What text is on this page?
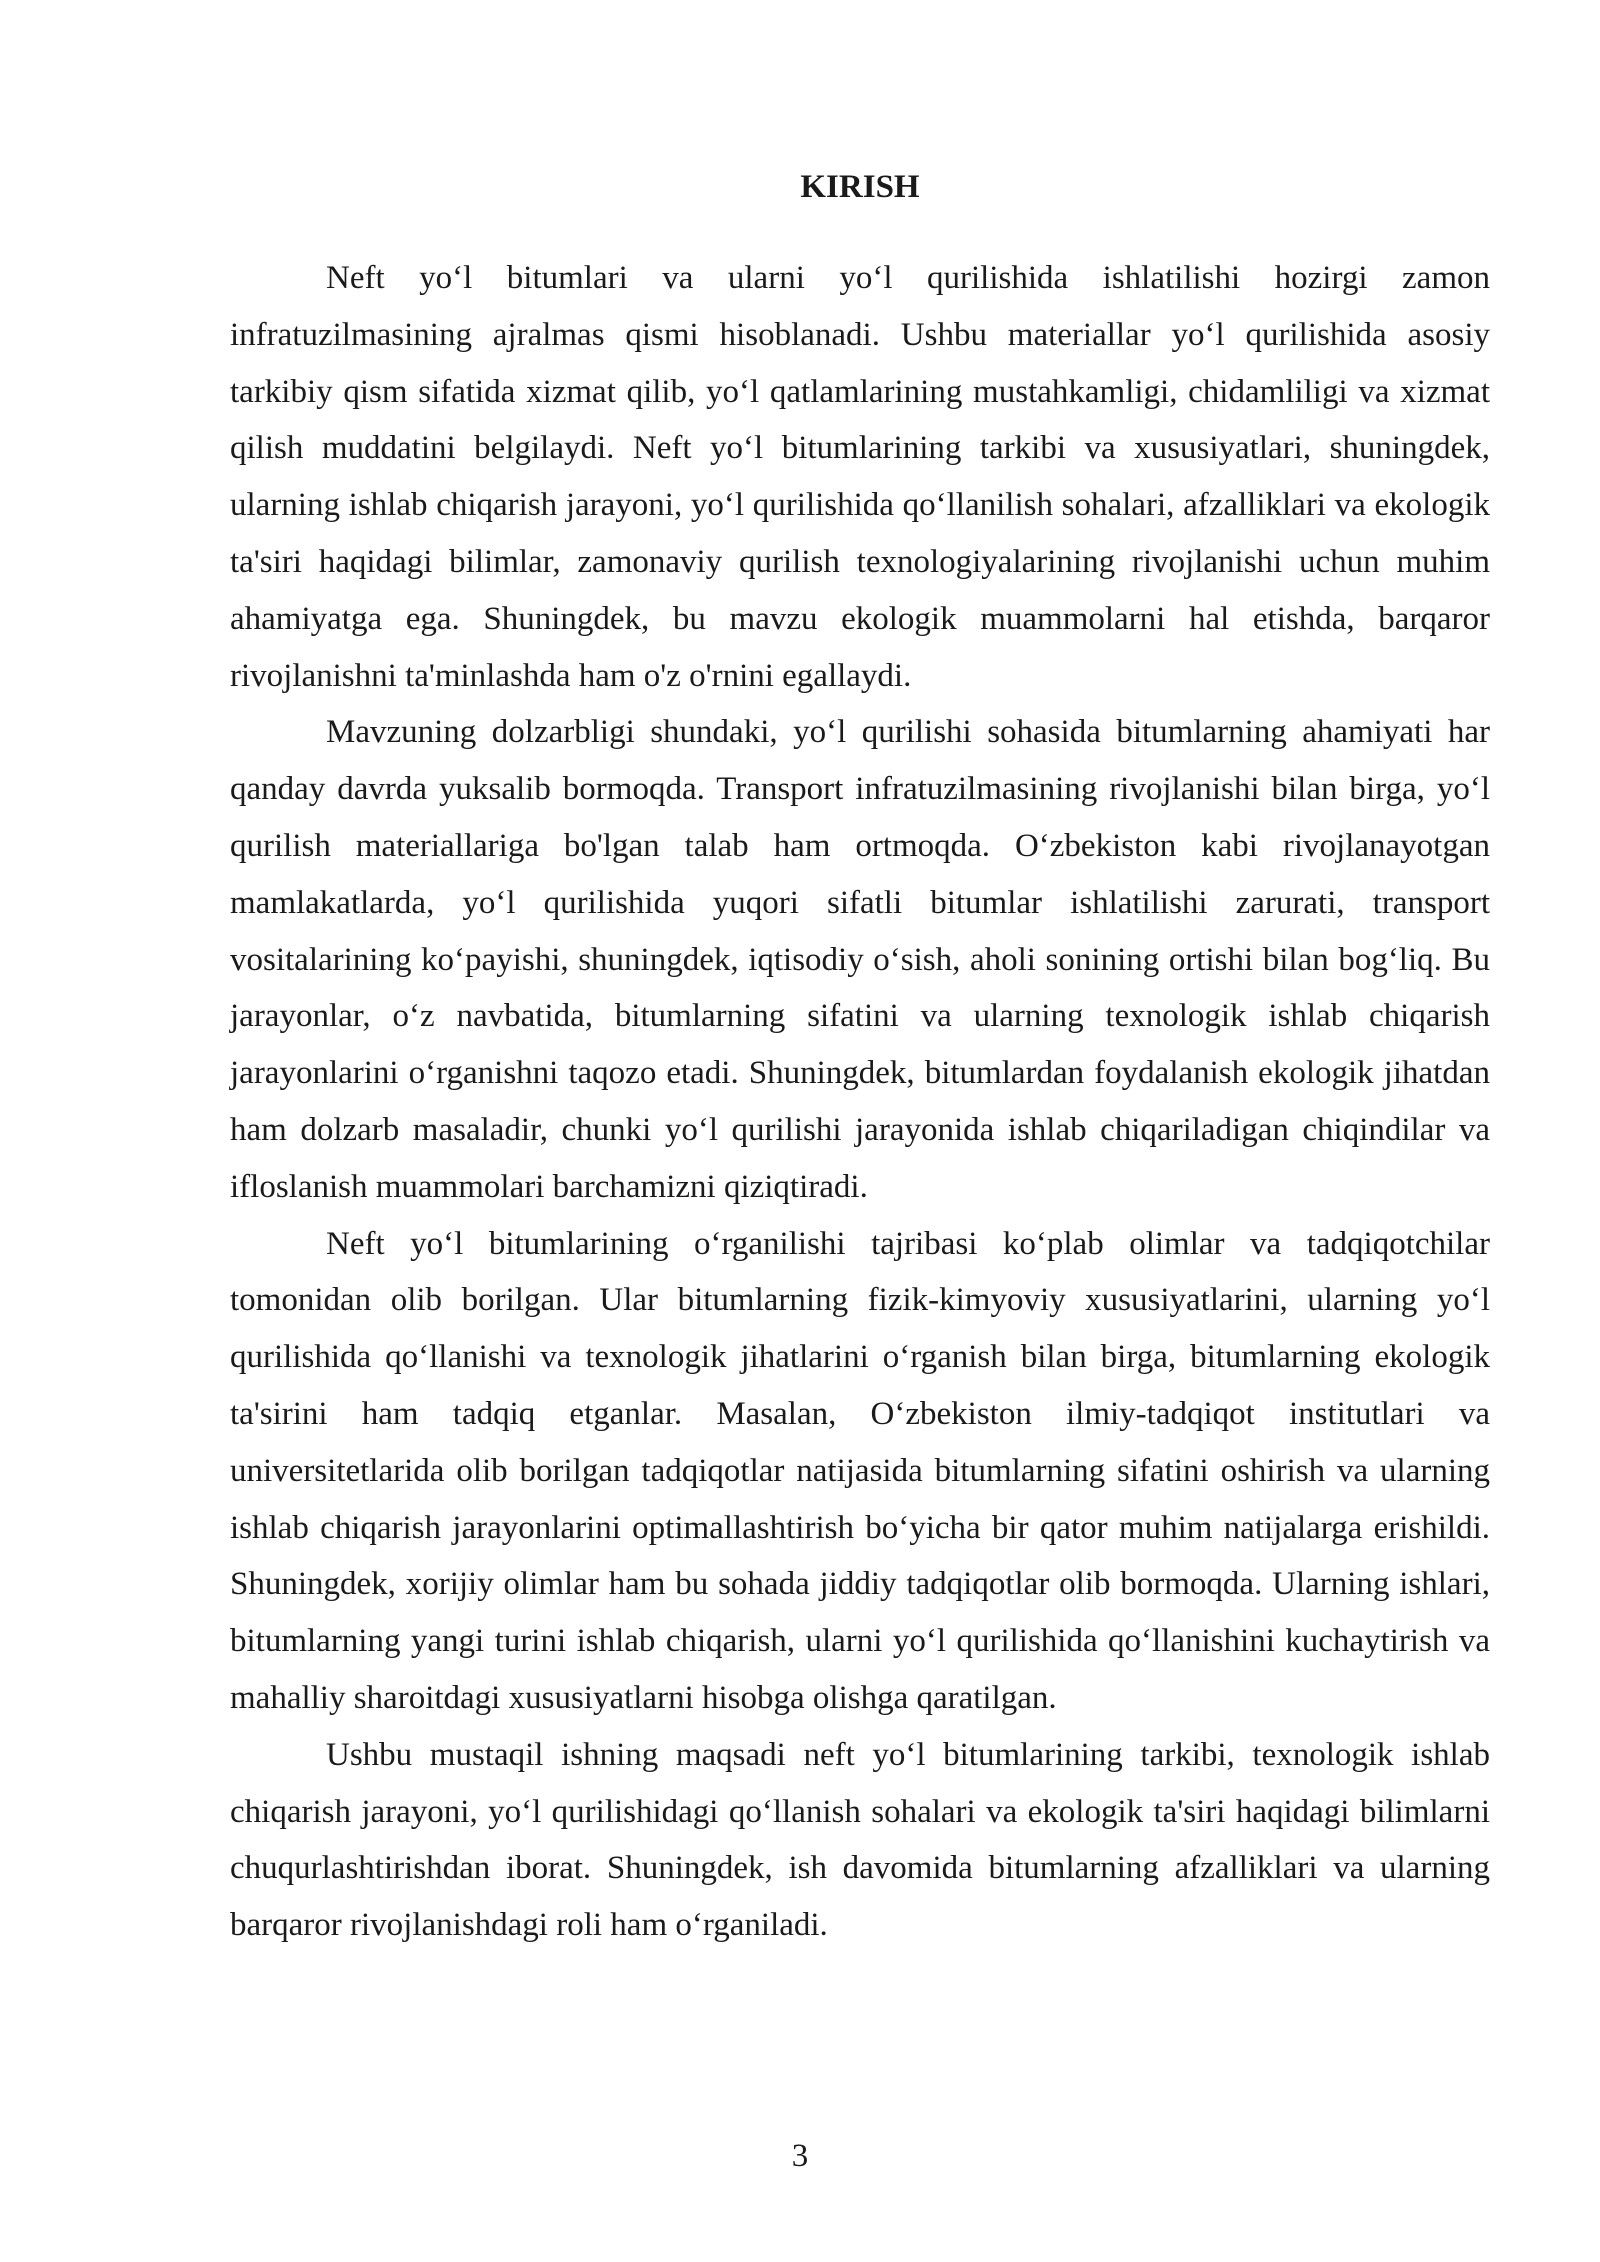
KIRISH

Neft yo‘l bitumlari va ularni yo‘l qurilishida ishlatilishi hozirgi zamon infratuzilmasining ajralmas qismi hisoblanadi. Ushbu materiallar yo‘l qurilishida asosiy tarkibiy qism sifatida xizmat qilib, yo‘l qatlamlarining mustahkamligi, chidamliligi va xizmat qilish muddatini belgilaydi. Neft yo‘l bitumlarining tarkibi va xususiyatlari, shuningdek, ularning ishlab chiqarish jarayoni, yo‘l qurilishida qo‘llanilish sohalari, afzalliklari va ekologik ta'siri haqidagi bilimlar, zamonaviy qurilish texnologiyalarining rivojlanishi uchun muhim ahamiyatga ega. Shuningdek, bu mavzu ekologik muammolarni hal etishda, barqaror rivojlanishni ta'minlashda ham o'z o'rnini egallaydi.

Mavzuning dolzarbligi shundaki, yo‘l qurilishi sohasida bitumlarning ahamiyati har qanday davrda yuksalib bormoqda. Transport infratuzilmasining rivojlanishi bilan birga, yo‘l qurilish materiallariga bo'lgan talab ham ortmoqda. O‘zbekiston kabi rivojlanayotgan mamlakatlarda, yo‘l qurilishida yuqori sifatli bitumlar ishlatilishi zarurati, transport vositalarining ko‘payishi, shuningdek, iqtisodiy o‘sish, aholi sonining ortishi bilan bog‘liq. Bu jarayonlar, o‘z navbatida, bitumlarning sifatini va ularning texnologik ishlab chiqarish jarayonlarini o‘rganishni taqozo etadi. Shuningdek, bitumlardan foydalanish ekologik jihatdan ham dolzarb masaladir, chunki yo‘l qurilishi jarayonida ishlab chiqariladigan chiqindilar va ifloslanish muammolari barchamizni qiziqtiradi.

Neft yo‘l bitumlarining o‘rganilishi tajribasi ko‘plab olimlar va tadqiqotchilar tomonidan olib borilgan. Ular bitumlarning fizik-kimyoviy xususiyatlarini, ularning yo‘l qurilishida qo‘llanishi va texnologik jihatlarini o‘rganish bilan birga, bitumlarning ekologik ta'sirini ham tadqiq etganlar. Masalan, O‘zbekiston ilmiy-tadqiqot institutlari va universitetlarida olib borilgan tadqiqotlar natijasida bitumlarning sifatini oshirish va ularning ishlab chiqarish jarayonlarini optimallashtirish bo‘yicha bir qator muhim natijalarga erishildi. Shuningdek, xorijiy olimlar ham bu sohada jiddiy tadqiqotlar olib bormoqda. Ularning ishlari, bitumlarning yangi turini ishlab chiqarish, ularni yo‘l qurilishida qo‘llanishini kuchaytirish va mahalliy sharoitdagi xususiyatlarni hisobga olishga qaratilgan.

Ushbu mustaqil ishning maqsadi neft yo‘l bitumlarining tarkibi, texnologik ishlab chiqarish jarayoni, yo‘l qurilishidagi qo‘llanish sohalari va ekologik ta'siri haqidagi bilimlarni chuqurlashtirishdan iborat. Shuningdek, ish davomida bitumlarning afzalliklari va ularning barqaror rivojlanishdagi roli ham o‘rganiladi.

3
